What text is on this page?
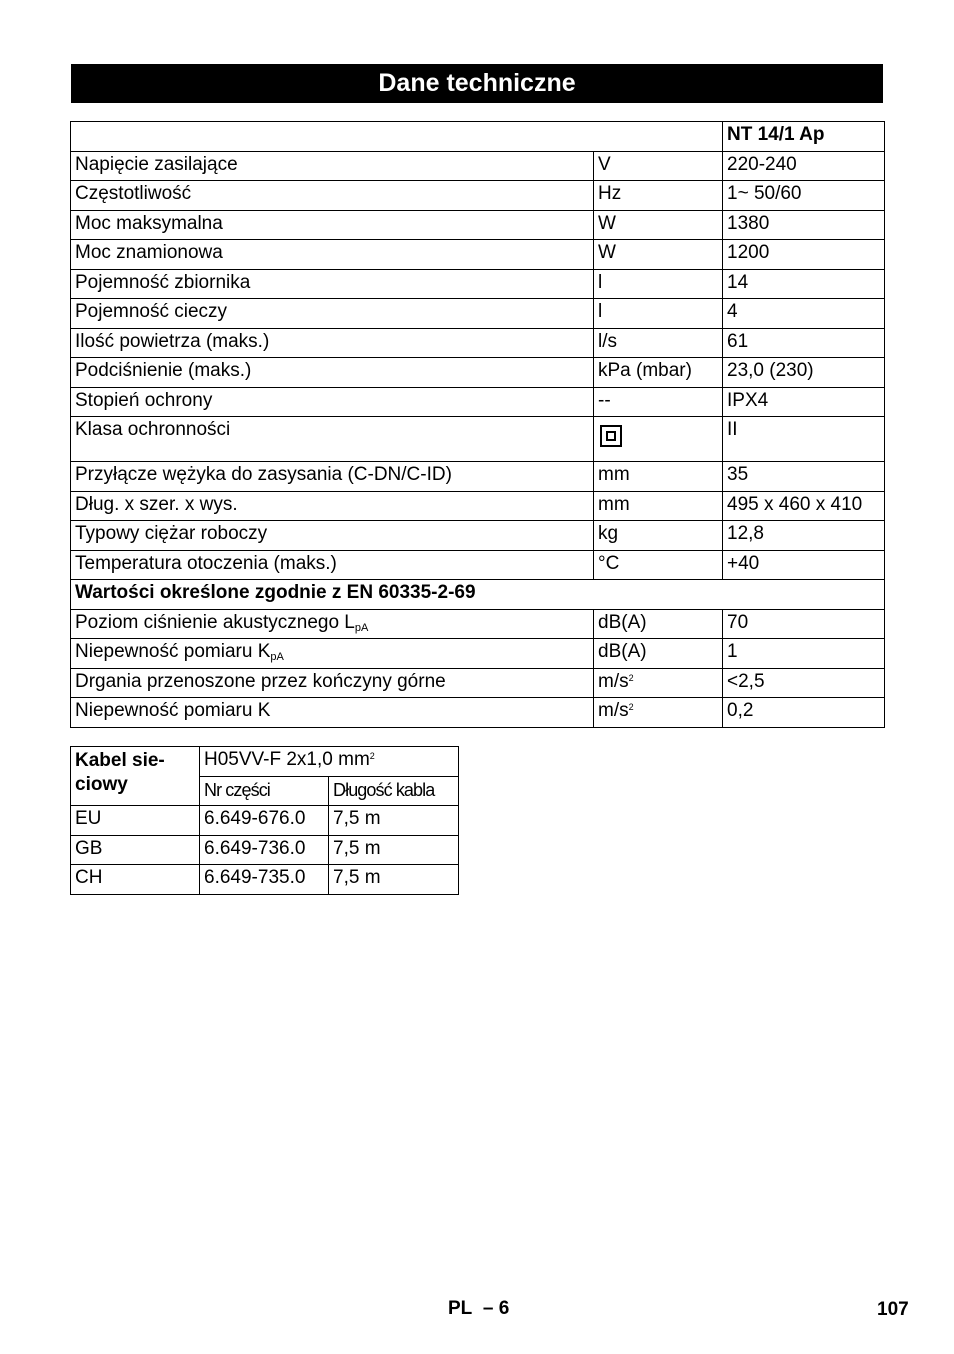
Dane techniczne
		NT 14/1 Ap
Napięcie zasilające	V	220-240
Częstotliwość	Hz	1~ 50/60
Moc maksymalna	W	1380
Moc znamionowa	W	1200
Pojemność zbiornika	l	14
Pojemność cieczy	l	4
Ilość powietrza (maks.)	l/s	61
Podciśnienie (maks.)	kPa (mbar)	23,0 (230)
Stopień ochrony	--	IPX4
Klasa ochronności		II
Przyłącze wężyka do zasysania (C-DN/C-ID)	mm	35
Dług. x szer. x wys.	mm	495 x 460 x 410
Typowy ciężar roboczy	kg	12,8
Temperatura otoczenia (maks.)	°C	+40
Wartości określone zgodnie z EN 60335-2-69		
Poziom ciśnienie akustycznego $L_{pA}$	dB(A)	70
Niepewność pomiaru $K_{pA}$	dB(A)	1
Drgania przenoszone przez kończyny górne	$m/s^2$	<2,5
Niepewność pomiaru K	$m/s^2$	0,2
Kabel sie-
ciowy	H05VV-F 2x1,0 $mm^2$
	Nr części	Długość kabla
EU	6.649-676.0	7,5 m
GB	6.649-736.0	7,5 m
CH	6.649-735.0	7,5 m
PL – 6	107
